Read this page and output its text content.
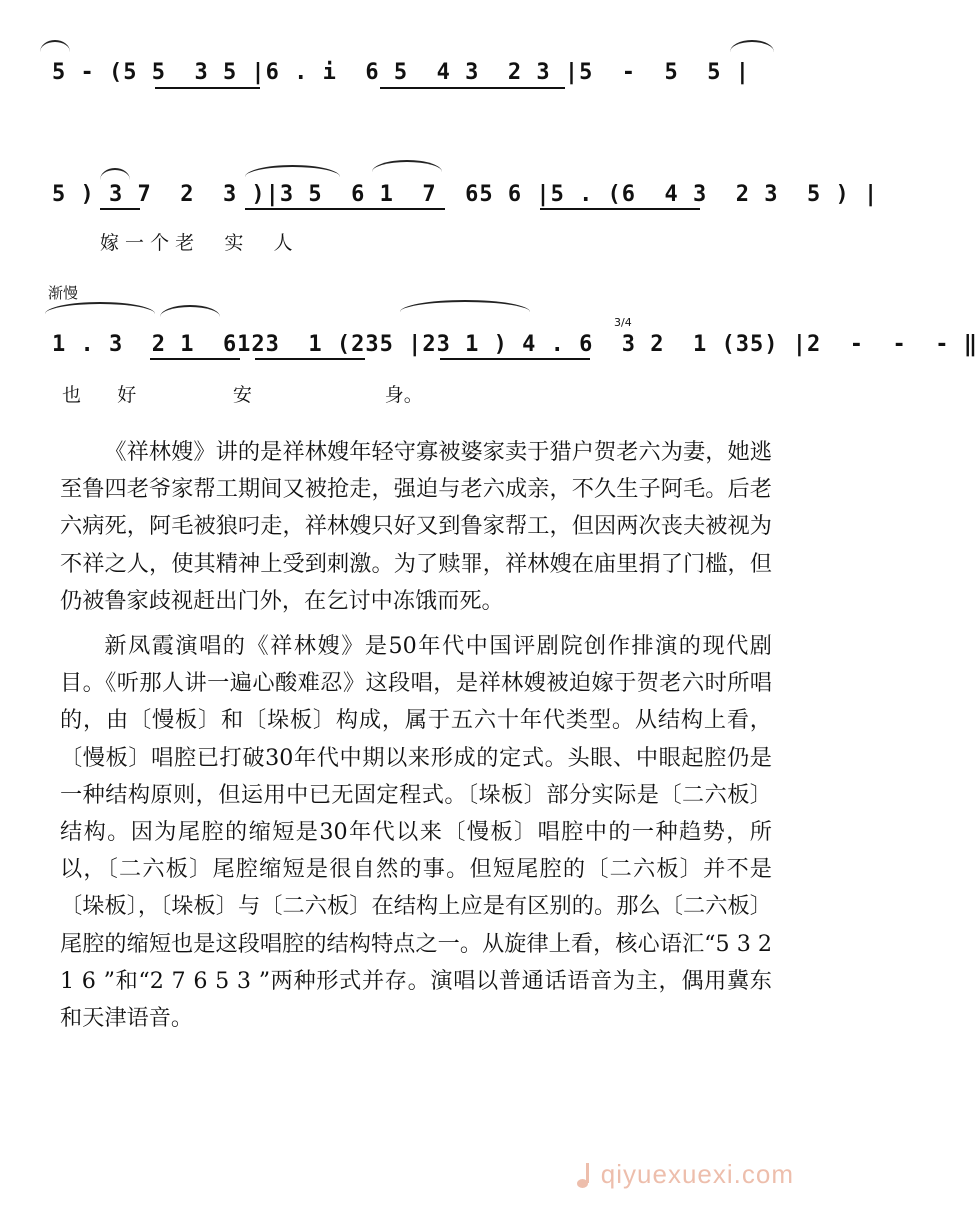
5 - (5 5  3 5 |6 . i  6 5  4 3  2 3 |5  -  5  5 |
5 ) 3 7  2  3 )|3 5  6 1  7  65 6 |5 . (6  4 3  2 3  5 ) |
嫁 一 个 老     实     人
渐慢
1 . 3  2 1  6123  1 (235 |23 1 ) 4 . 6  3 2  1 (35) |2  -  -  - ‖
3/4
也      好                安                      身。

《祥林嫂》讲的是祥林嫂年轻守寡被婆家卖于猎户贺老六为妻，她逃至鲁四老爷家帮工期间又被抢走，强迫与老六成亲，不久生子阿毛。后老六病死，阿毛被狼叼走，祥林嫂只好又到鲁家帮工，但因两次丧夫被视为不祥之人，使其精神上受到刺激。为了赎罪，祥林嫂在庙里捐了门槛，但仍被鲁家歧视赶出门外，在乞讨中冻饿而死。

新凤霞演唱的《祥林嫂》是50年代中国评剧院创作排演的现代剧目。《听那人讲一遍心酸难忍》这段唱，是祥林嫂被迫嫁于贺老六时所唱的，由〔慢板〕和〔垛板〕构成，属于五六十年代类型。从结构上看，〔慢板〕唱腔已打破30年代中期以来形成的定式。头眼、中眼起腔仍是一种结构原则，但运用中已无固定程式。〔垛板〕部分实际是〔二六板〕结构。因为尾腔的缩短是30年代以来〔慢板〕唱腔中的一种趋势，所以，〔二六板〕尾腔缩短是很自然的事。但短尾腔的〔二六板〕并不是〔垛板〕，〔垛板〕与〔二六板〕在结构上应是有区别的。那么〔二六板〕尾腔的缩短也是这段唱腔的结构特点之一。从旋律上看，核心语汇“5 3 2 1 6 ”和“2 7 6 5 3 ”两种形式并存。演唱以普通话语音为主，偶用冀东和天津语音。

qiyuexuexi.com
